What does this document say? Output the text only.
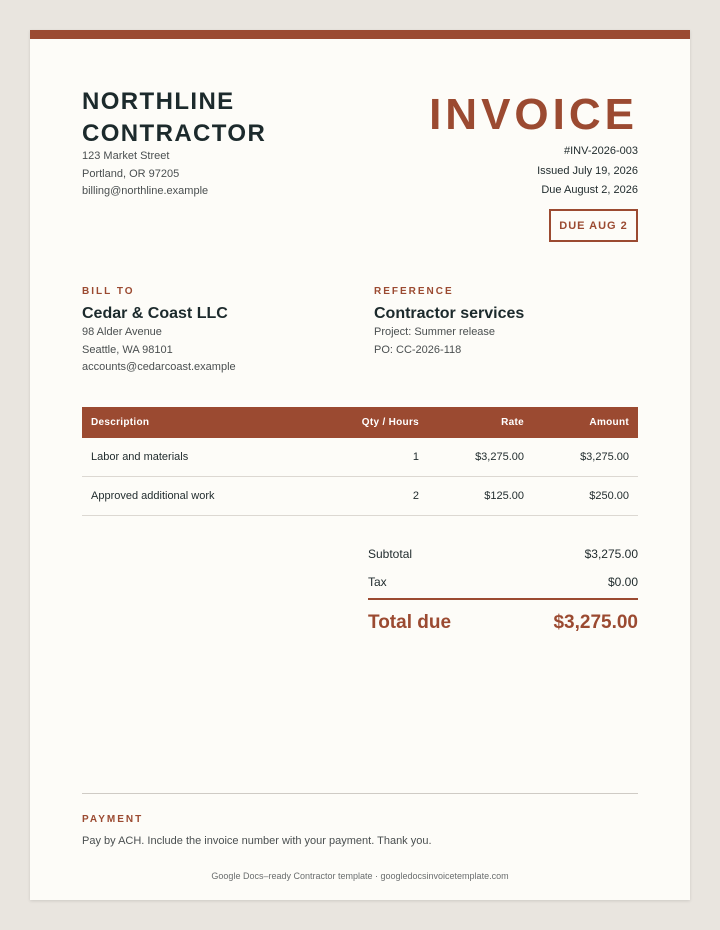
NORTHLINE CONTRACTOR
123 Market Street
Portland, OR 97205
billing@northline.example
INVOICE
#INV-2026-003
Issued July 19, 2026
Due August 2, 2026
DUE AUG 2
BILL TO
Cedar & Coast LLC
98 Alder Avenue
Seattle, WA 98101
accounts@cedarcoast.example
REFERENCE
Contractor services
Project: Summer release
PO: CC-2026-118
Description	Qty / Hours	Rate	Amount
Labor and materials	1	$3,275.00	$3,275.00
Approved additional work	2	$125.00	$250.00
Subtotal	$3,275.00
Tax	$0.00
Total due	$3,275.00
PAYMENT
Pay by ACH. Include the invoice number with your payment. Thank you.
Google Docs–ready Contractor template · googledocsinvoicetemplate.com
